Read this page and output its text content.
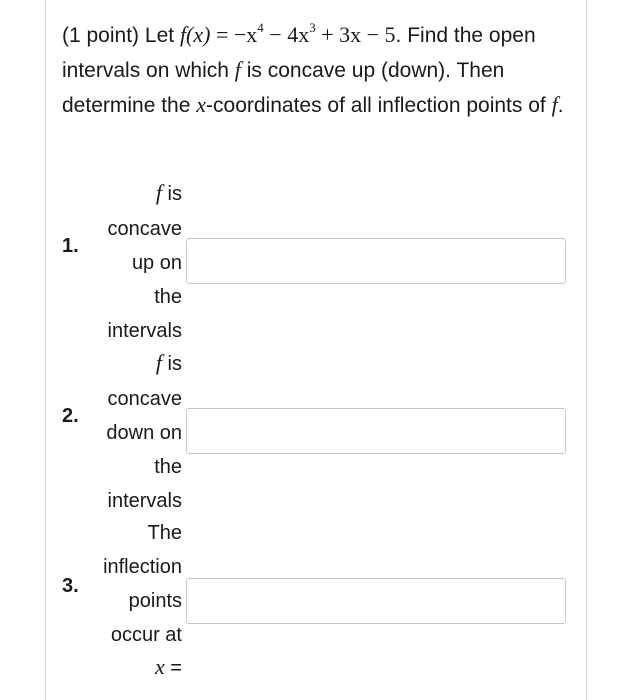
(1 point) Let $f(x) = -x^4 - 4x^3 + 3x - 5$. Find the open intervals on which f is concave up (down). Then determine the x-coordinates of all inflection points of f.
1.
f is
concave
up on
the
intervals
2.
f is
concave
down on
the
intervals
3.
The
inflection
points
occur at
x =
